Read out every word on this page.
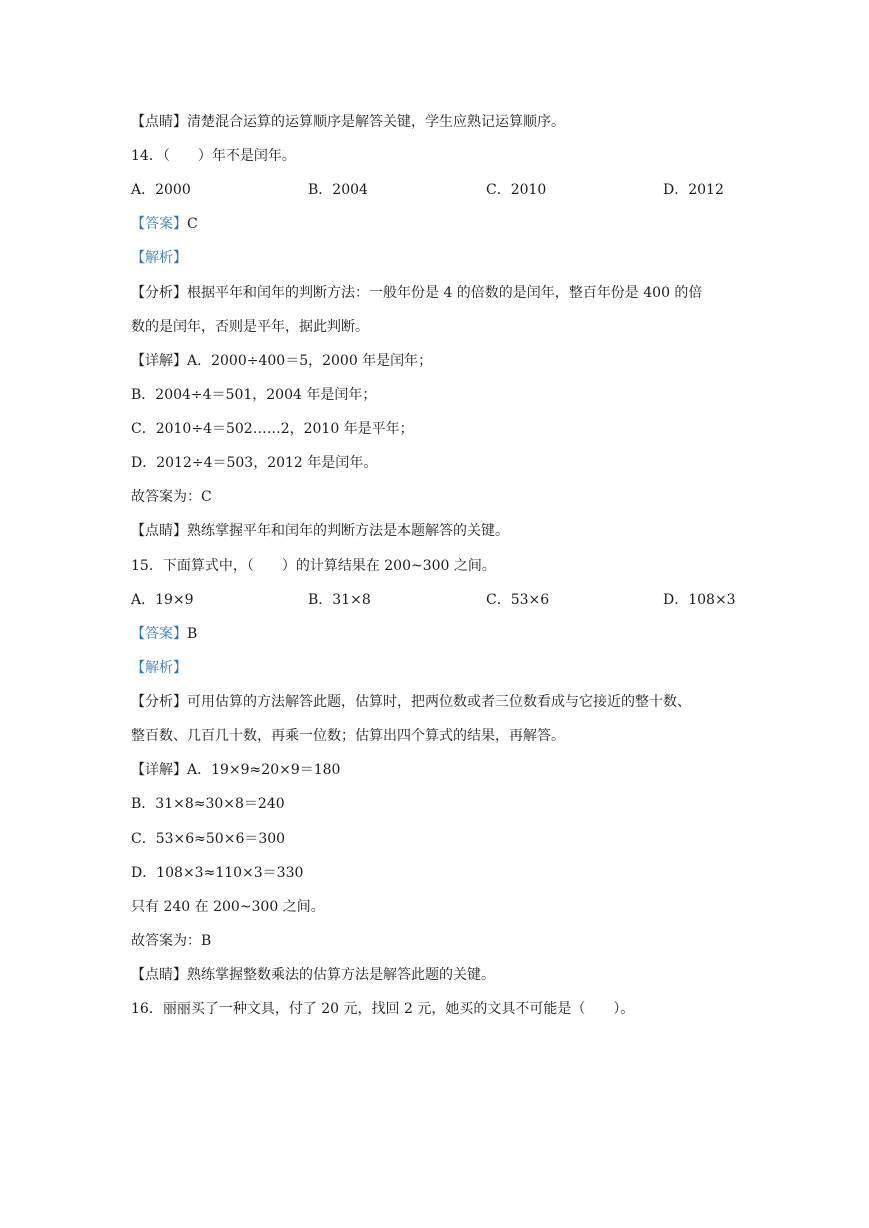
【点睛】清楚混合运算的运算顺序是解答关键，学生应熟记运算顺序。
14．（　　）年不是闰年。
A．2000	B．2004	C．2010	D．2012
【答案】C
【解析】
【分析】根据平年和闰年的判断方法：一般年份是 4 的倍数的是闰年，整百年份是 400 的倍
数的是闰年，否则是平年，据此判断。
【详解】A．2000÷400＝5，2000 年是闰年；
B．2004÷4＝501，2004 年是闰年；
C．2010÷4＝502……2，2010 年是平年；
D．2012÷4＝503，2012 年是闰年。
故答案为：C
【点睛】熟练掌握平年和闰年的判断方法是本题解答的关键。
15．下面算式中，（　　）的计算结果在 200~300 之间。
A．19×9	B．31×8	C．53×6	D．108×3
【答案】B
【解析】
【分析】可用估算的方法解答此题，估算时，把两位数或者三位数看成与它接近的整十数、
整百数、几百几十数，再乘一位数；估算出四个算式的结果，再解答。
【详解】A．19×9≈20×9＝180
B．31×8≈30×8＝240
C．53×6≈50×6＝300
D．108×3≈110×3＝330
只有 240 在 200~300 之间。
故答案为：B
【点睛】熟练掌握整数乘法的估算方法是解答此题的关键。
16．丽丽买了一种文具，付了 20 元，找回 2 元，她买的文具不可能是（　　）。
